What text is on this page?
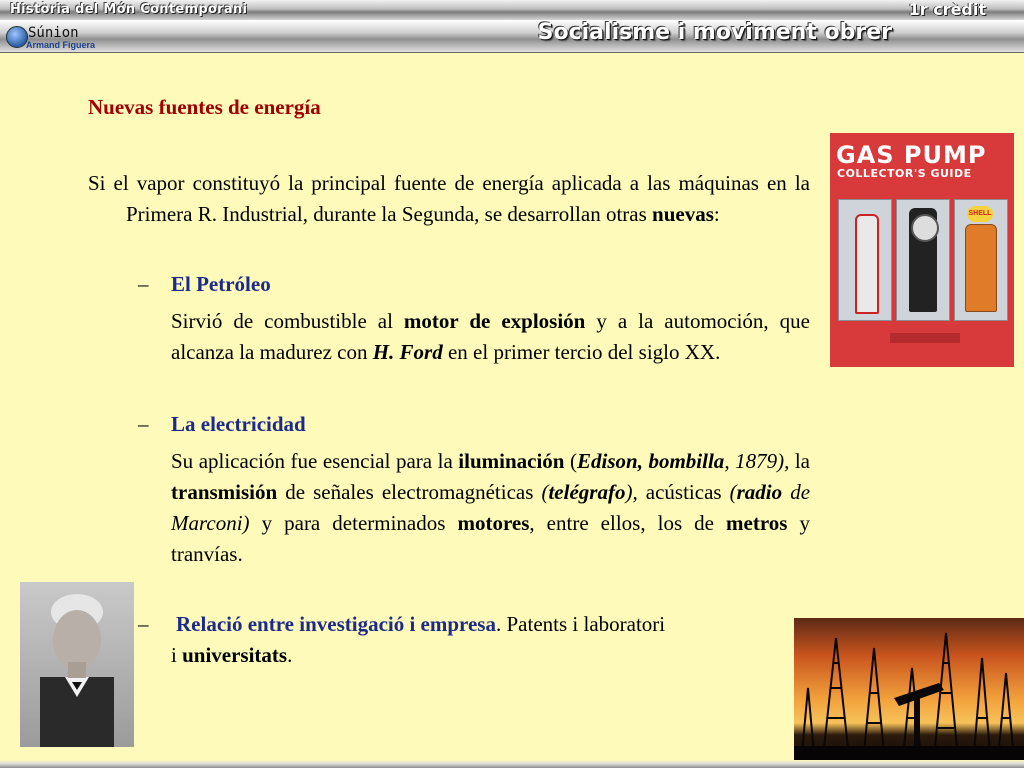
Història del Món Contemporani	1r crèdit
Socialisme i moviment obrer
Súnion
Armand Figuera

Nuevas fuentes de energía

Si el vapor constituyó la principal fuente de energía aplicada a las máquinas en la Primera R. Industrial, durante la Segunda, se desarrollan otras nuevas:

– El Petróleo

Sirvió de combustible al motor de explosión y a la automoción, que alcanza la madurez con H. Ford en el primer tercio del siglo XX.

– La electricidad

Su aplicación fue esencial para la iluminación (Edison, bombilla, 1879), la transmisión de señales electromagnéticas (telégrafo), acústicas (radio de Marconi) y para determinados motores, entre ellos, los de metros y tranvías.

– Relació entre investigació i empresa. Patents i laboratori

i universitats.

GAS PUMP
COLLECTOR'S GUIDE
SHELL
